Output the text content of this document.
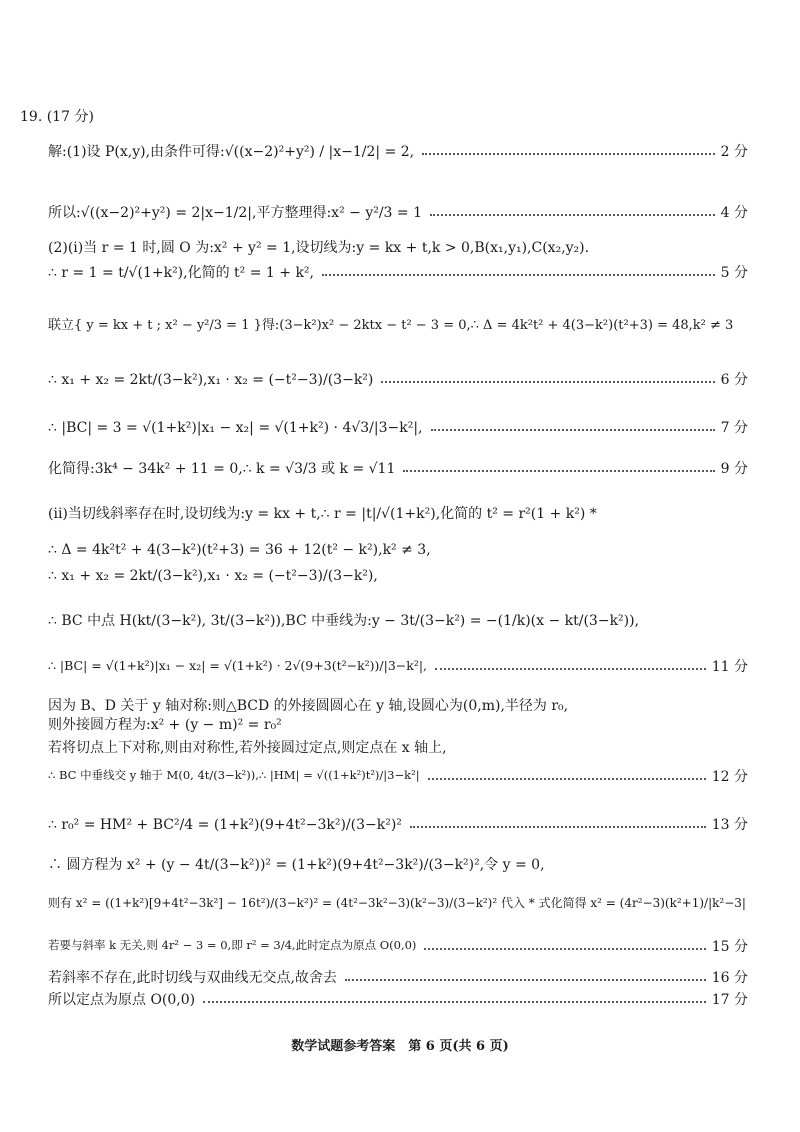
19. (17 分)
解:(1)设 P(x,y),由条件可得:√((x−2)²+y²) / |x−1/2| = 2,	2 分
所以:√((x−2)²+y²) = 2|x−1/2|,平方整理得:x² − y²/3 = 1	4 分
(2)(ⅰ)当 r = 1 时,圆 O 为:x² + y² = 1,设切线为:y = kx + t,k > 0,B(x₁,y₁),C(x₂,y₂).
∴ r = 1 = t/√(1+k²),化简的 t² = 1 + k²,	5 分
联立{ y = kx + t ; x² − y²/3 = 1 }得:(3−k²)x² − 2ktx − t² − 3 = 0,∴ Δ = 4k²t² + 4(3−k²)(t²+3) = 48,k² ≠ 3
∴ x₁ + x₂ = 2kt/(3−k²),x₁ · x₂ = (−t²−3)/(3−k²)	6 分
∴ |BC| = 3 = √(1+k²)|x₁ − x₂| = √(1+k²) · 4√3/|3−k²|,	7 分
化简得:3k⁴ − 34k² + 11 = 0,∴ k = √3/3 或 k = √11	9 分
(ⅱ)当切线斜率存在时,设切线为:y = kx + t,∴ r = |t|/√(1+k²),化简的 t² = r²(1 + k²) *
∴ Δ = 4k²t² + 4(3−k²)(t²+3) = 36 + 12(t² − k²),k² ≠ 3,
∴ x₁ + x₂ = 2kt/(3−k²),x₁ · x₂ = (−t²−3)/(3−k²),
∴ BC 中点 H(kt/(3−k²), 3t/(3−k²)),BC 中垂线为:y − 3t/(3−k²) = −(1/k)(x − kt/(3−k²)),
∴ |BC| = √(1+k²)|x₁ − x₂| = √(1+k²) · 2√(9+3(t²−k²))/|3−k²|,	11 分
因为 B、D 关于 y 轴对称:则△BCD 的外接圆圆心在 y 轴,设圆心为(0,m),半径为 r₀,
则外接圆方程为:x² + (y − m)² = r₀²
若将切点上下对称,则由对称性,若外接圆过定点,则定点在 x 轴上,
∴ BC 中垂线交 y 轴于 M(0, 4t/(3−k²)),∴ |HM| = √((1+k²)t²)/|3−k²|	12 分
∴ r₀² = HM² + BC²/4 = (1+k²)(9+4t²−3k²)/(3−k²)²	13 分
∴ 圆方程为 x² + (y − 4t/(3−k²))² = (1+k²)(9+4t²−3k²)/(3−k²)²,令 y = 0,
则有 x² = ((1+k²)[9+4t²−3k²] − 16t²)/(3−k²)² = (4t²−3k²−3)(k²−3)/(3−k²)² 代入 * 式化简得 x² = (4r²−3)(k²+1)/|k²−3|
若要与斜率 k 无关,则 4r² − 3 = 0,即 r² = 3/4,此时定点为原点 O(0,0)	15 分
若斜率不存在,此时切线与双曲线无交点,故舍去	16 分
所以定点为原点 O(0,0)	17 分
数学试题参考答案　第 6 页(共 6 页)
